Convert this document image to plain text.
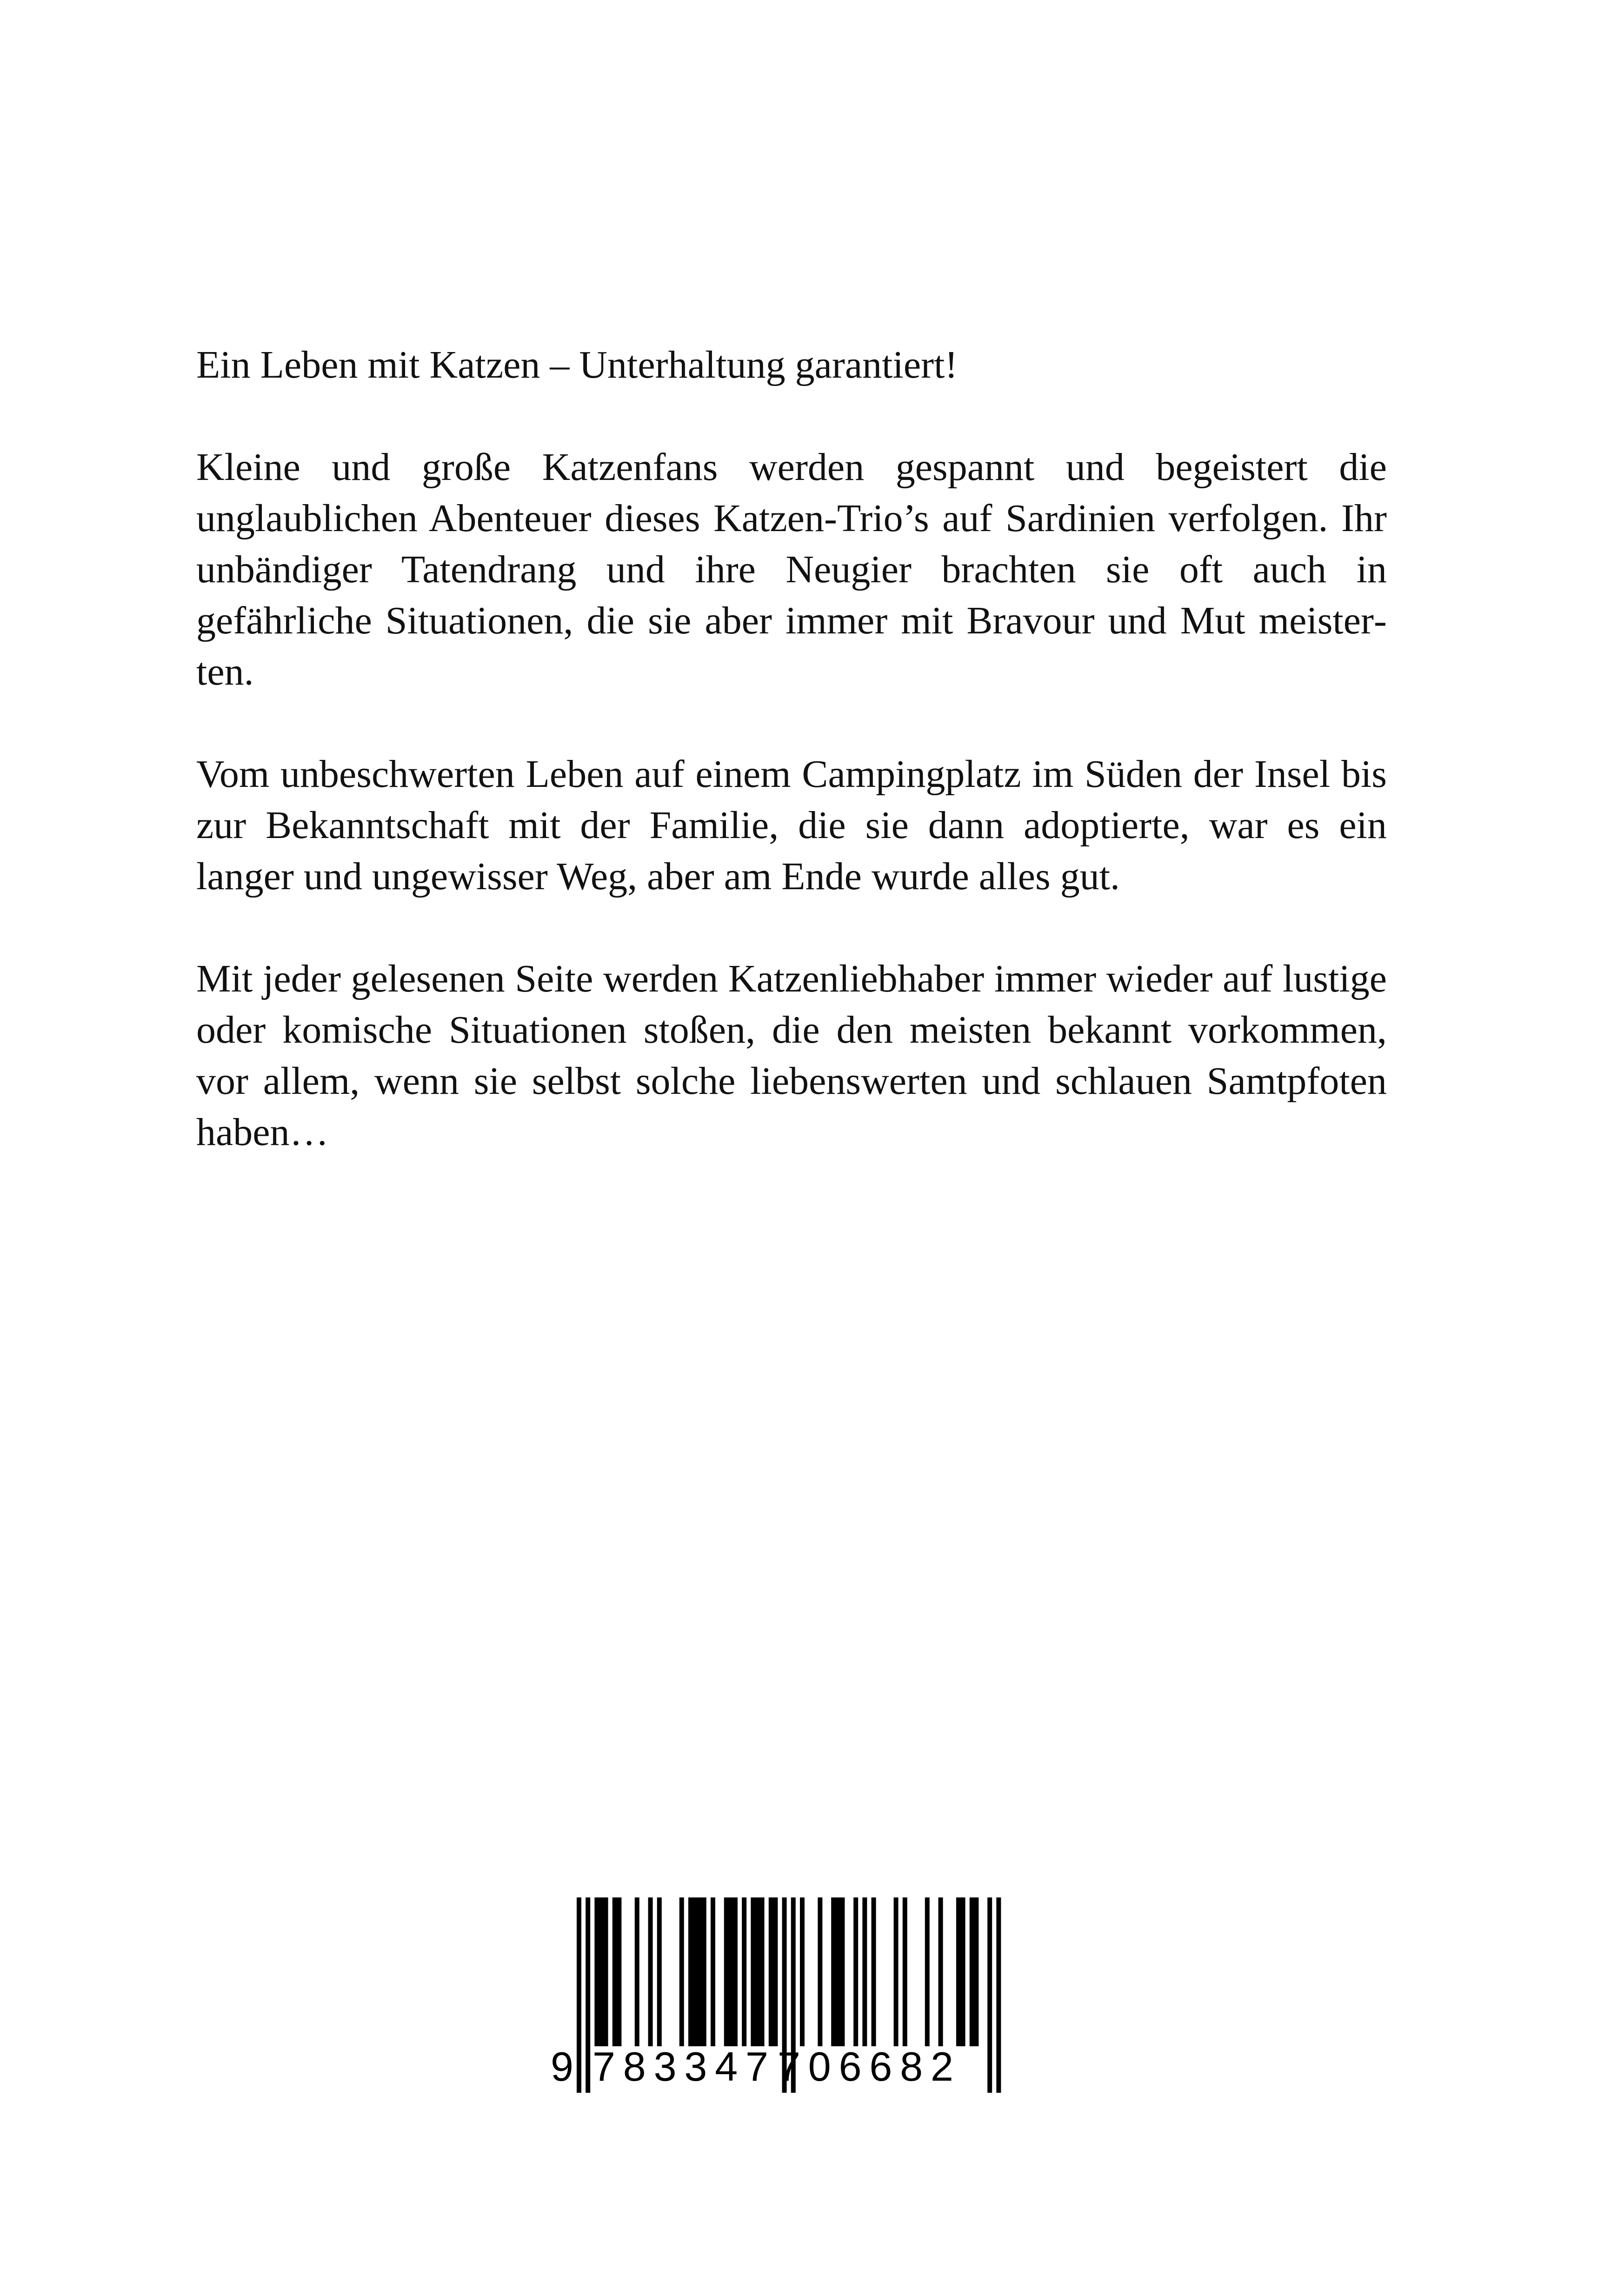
Ein Leben mit Katzen – Unterhaltung garantiert!

Kleine und große Katzenfans werden gespannt und begeistert die unglaublichen Abenteuer dieses Katzen-Trio’s auf Sardinien verfolgen. Ihr unbändiger Tatendrang und ihre Neugier brachten sie oft auch in gefährliche Situationen, die sie aber immer mit Bravour und Mut meisterten.

Vom unbeschwerten Leben auf einem Campingplatz im Süden der Insel bis zur Bekanntschaft mit der Familie, die sie dann adoptierte, war es ein langer und ungewisser Weg, aber am Ende wurde alles gut.

Mit jeder gelesenen Seite werden Katzenliebhaber immer wieder auf lustige oder komische Situationen stoßen, die den meisten bekannt vorkommen, vor allem, wenn sie selbst solche liebenswerten und schlauen Samtpfoten haben…

9 783347 706682
